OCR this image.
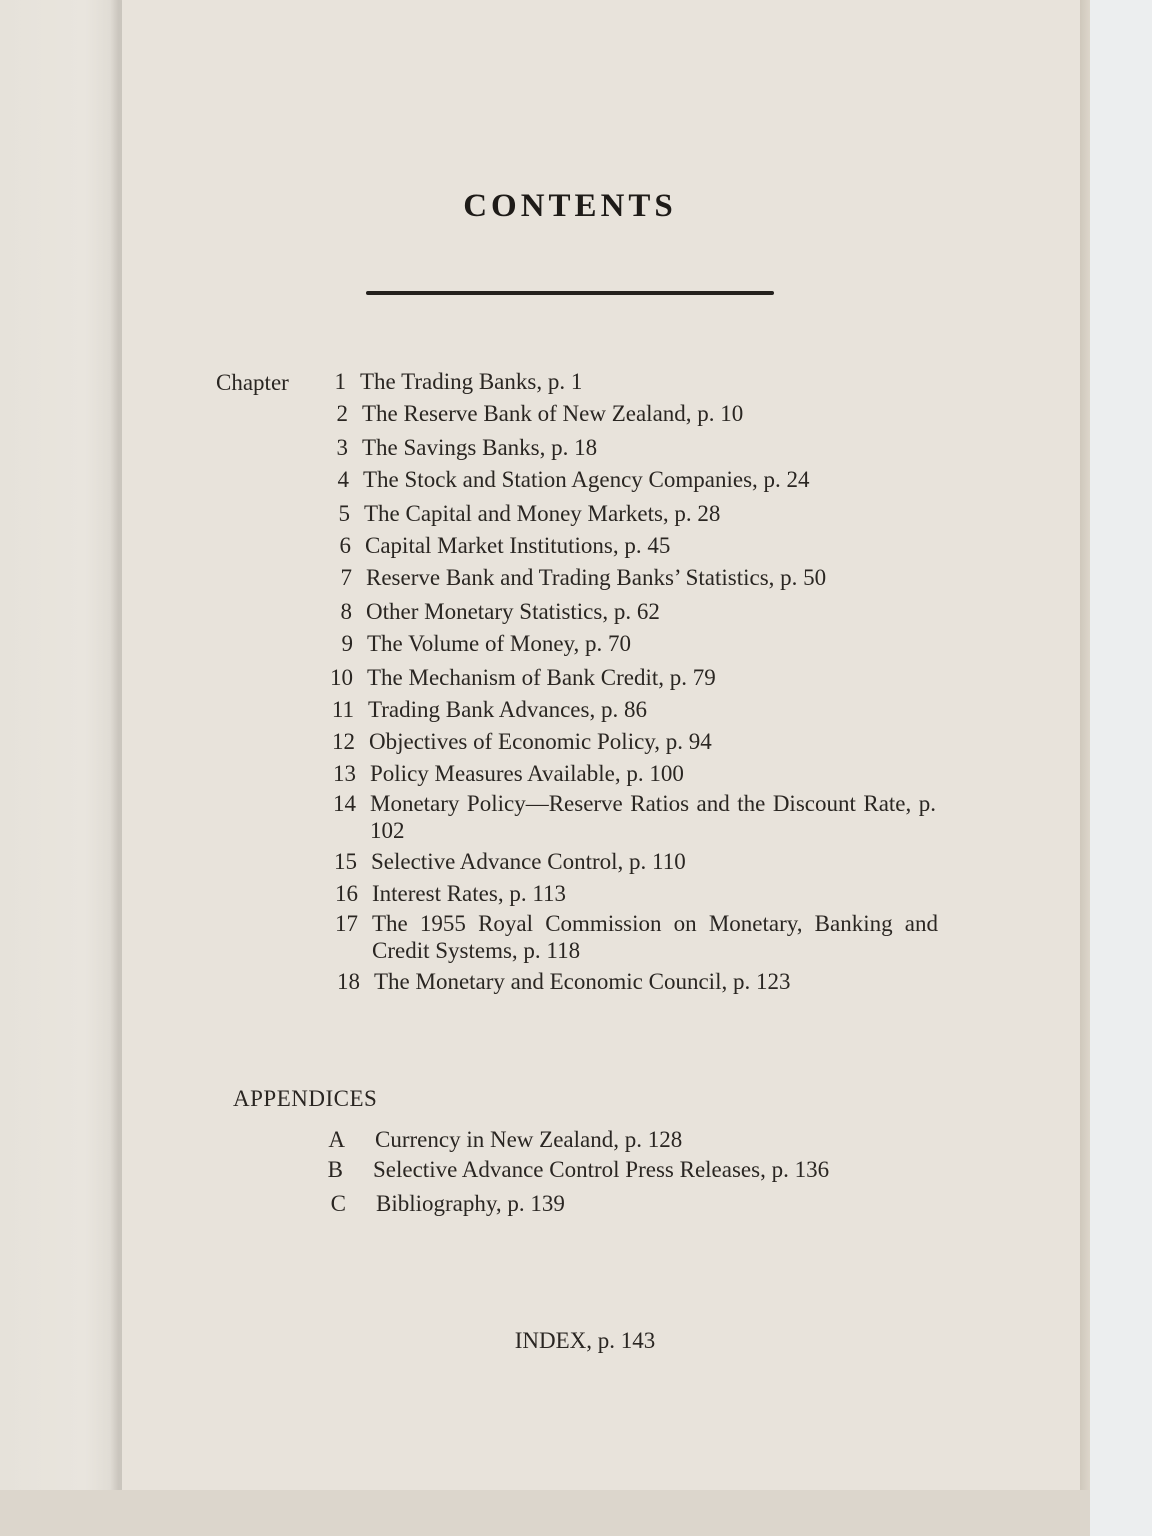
CONTENTS
Chapter 1 The Trading Banks, p. 1
2 The Reserve Bank of New Zealand, p. 10
3 The Savings Banks, p. 18
4 The Stock and Station Agency Companies, p. 24
5 The Capital and Money Markets, p. 28
6 Capital Market Institutions, p. 45
7 Reserve Bank and Trading Banks’ Statistics, p. 50
8 Other Monetary Statistics, p. 62
9 The Volume of Money, p. 70
10 The Mechanism of Bank Credit, p. 79
11 Trading Bank Advances, p. 86
12 Objectives of Economic Policy, p. 94
13 Policy Measures Available, p. 100
14 Monetary Policy—Reserve Ratios and the Discount Rate, p. 102
15 Selective Advance Control, p. 110
16 Interest Rates, p. 113
17 The 1955 Royal Commission on Monetary, Banking and Credit Systems, p. 118
18 The Monetary and Economic Council, p. 123
APPENDICES
A Currency in New Zealand, p. 128
B Selective Advance Control Press Releases, p. 136
C Bibliography, p. 139
INDEX, p. 143
